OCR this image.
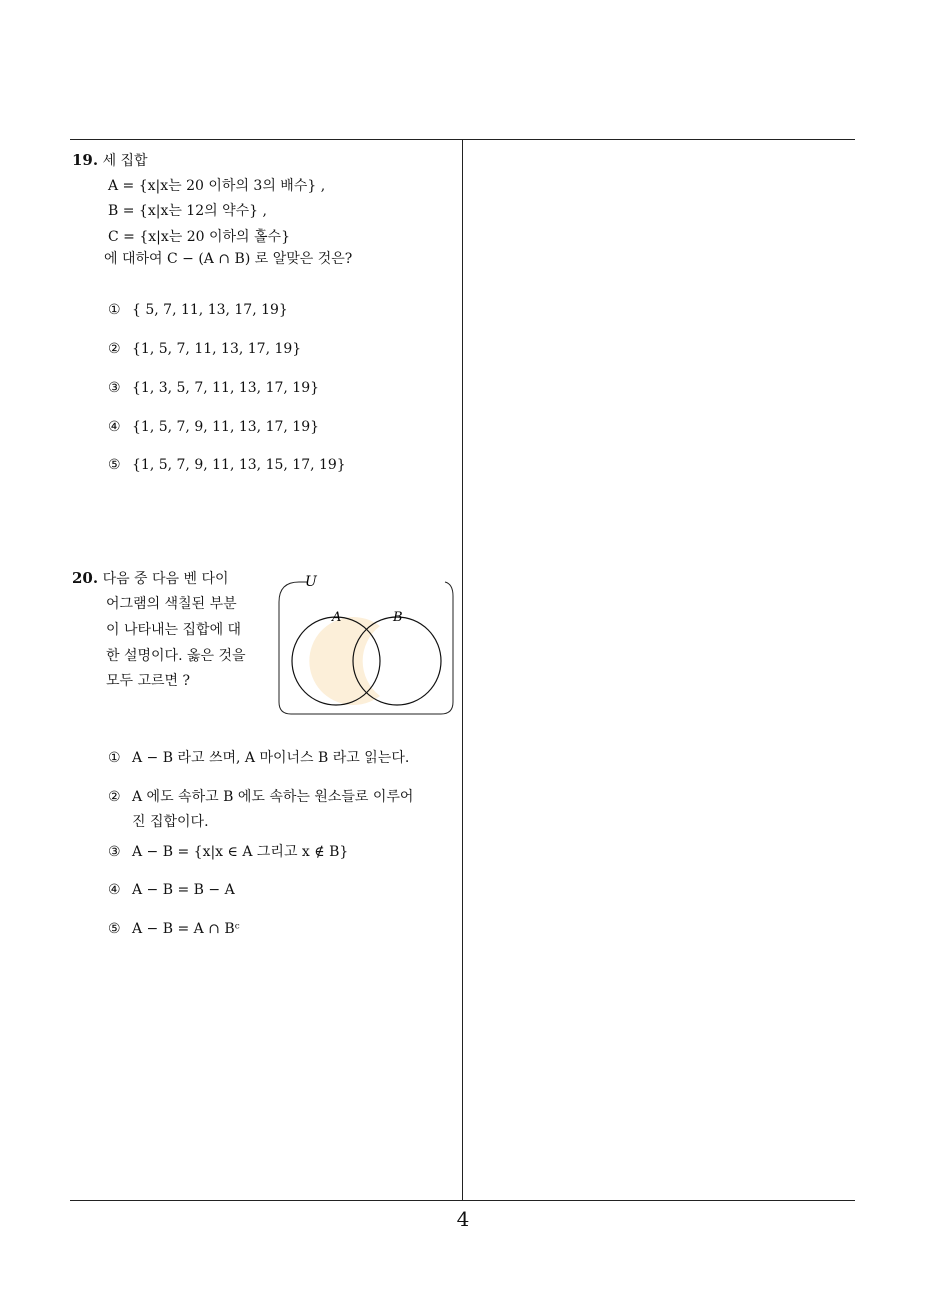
19. 세 집합
A = {x|x는 20 이하의 3의 배수} ,
B = {x|x는 12의 약수} ,
C = {x|x는 20 이하의 홀수}
에 대하여 C − (A ∩ B) 로 알맞은 것은?
① { 5, 7, 11, 13, 17, 19}
② {1, 5, 7, 11, 13, 17, 19}
③ {1, 3, 5, 7, 11, 13, 17, 19}
④ {1, 5, 7, 9, 11, 13, 17, 19}
⑤ {1, 5, 7, 9, 11, 13, 15, 17, 19}
20. 다음 중 다음 벤 다이
어그램의 색칠된 부분
이 나타내는 집합에 대
한 설명이다. 옳은 것을
모두 고르면 ?
U
A	B
① A − B 라고 쓰며, A 마이너스 B 라고 읽는다.
② A 에도 속하고 B 에도 속하는 원소들로 이루어
진 집합이다.
③ A − B = {x|x ∈ A 그리고 x ∉ B}
④ A − B = B − A
⑤ A − B = A ∩ Bᶜ
4
